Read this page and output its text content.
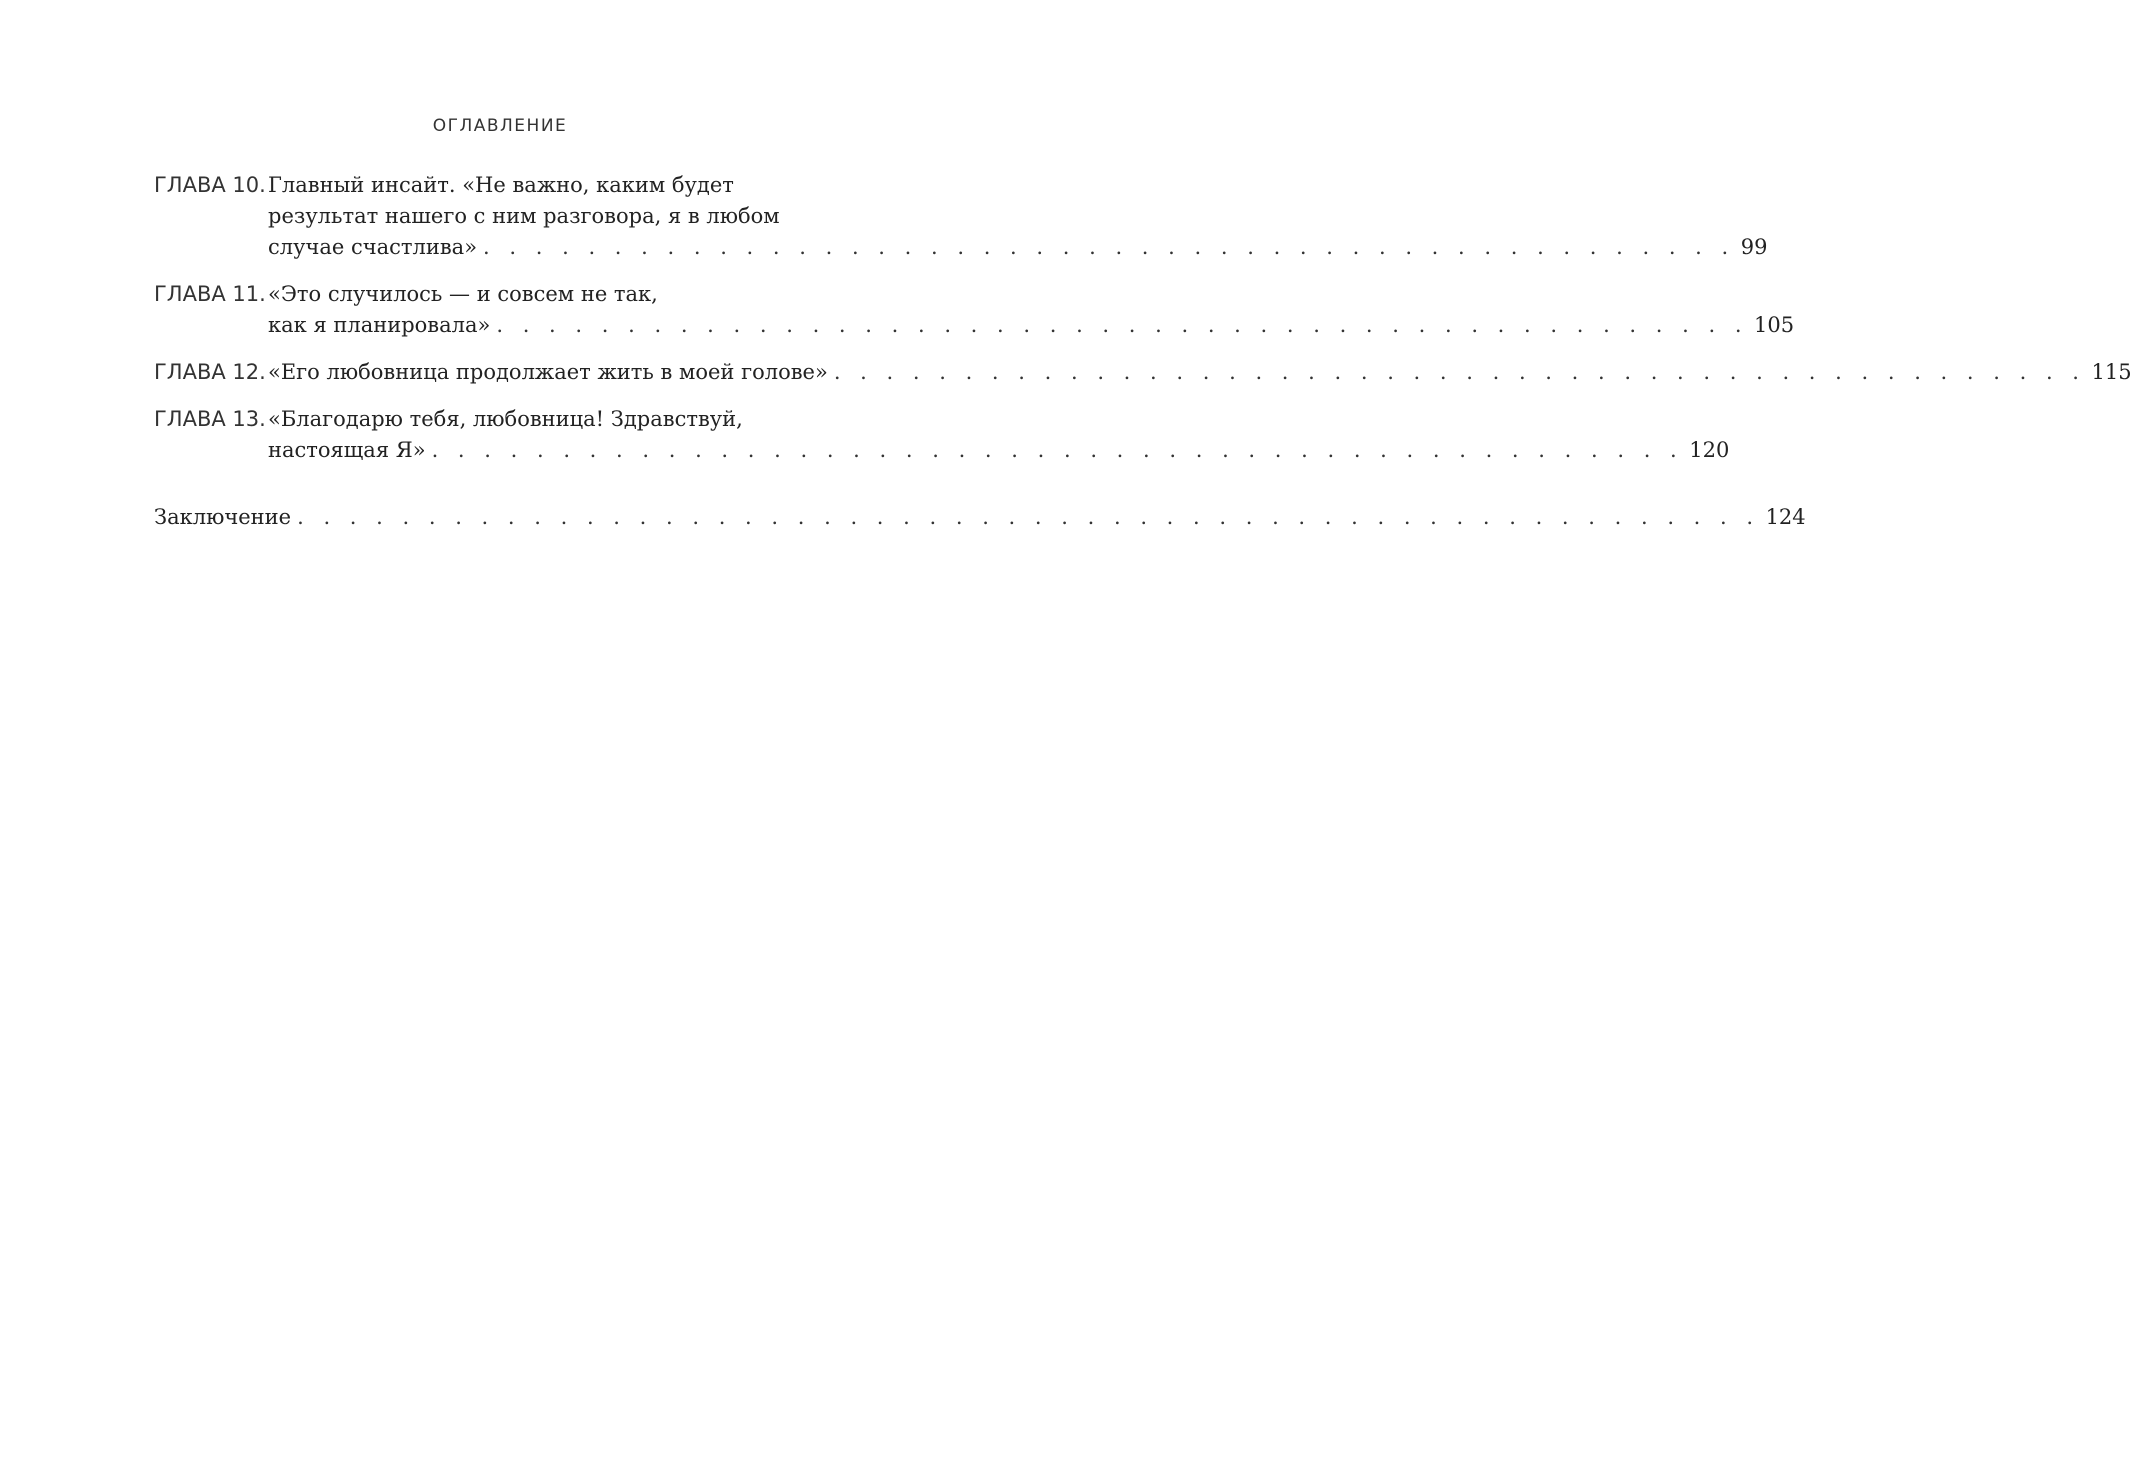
ОГЛАВЛЕНИЕ
ГЛАВА 10. Главный инсайт. «Не важно, каким будет
результат нашего с ним разговора, я в любом
случае счастлива» . . . . . . . . . . . . . . . . . . . . . . . . . . . . . . . . . . . . . . . . . . . . . . . . 99
ГЛАВА 11. «Это случилось — и совсем не так,
как я планировала» . . . . . . . . . . . . . . . . . . . . . . . . . . . . . . . . . . . . . . . . . . . . . . . . 105
ГЛАВА 12. «Его любовница продолжает жить в моей голове» . . . . . . . . . . . . . . . . . . . . . . . . . . . . . . . . . . . . . . . . . . . . . . . . 115
ГЛАВА 13. «Благодарю тебя, любовница! Здравствуй,
настоящая Я» . . . . . . . . . . . . . . . . . . . . . . . . . . . . . . . . . . . . . . . . . . . . . . . . 120
Заключение . . . . . . . . . . . . . . . . . . . . . . . . . . . . . . . . . . . . . . . . . . . . . . . . . . . . . . . . 124
